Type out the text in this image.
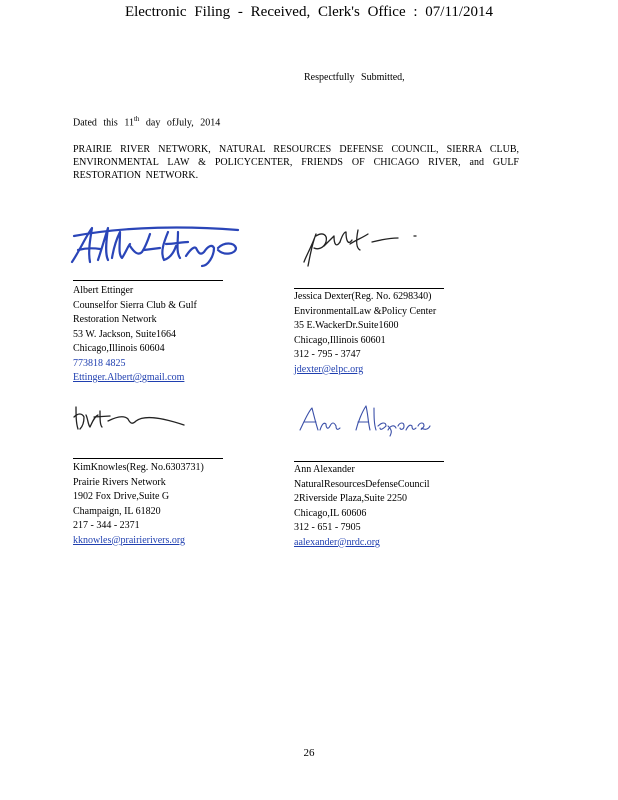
Electronic Filing - Received, Clerk's Office : 07/11/2014
Respectfully Submitted,
Dated this 11th day ofJuly, 2014
PRAIRIE RIVER NETWORK, NATURAL RESOURCES DEFENSE COUNCIL, SIERRA CLUB, ENVIRONMENTAL LAW & POLICYCENTER, FRIENDS OF CHICAGO RIVER, and GULF RESTORATION NETWORK.
Albert Ettinger
Counselfor Sierra Club & Gulf
Restoration Network
53 W. Jackson, Suite1664
Chicago,Illinois 60604
773818 4825
Ettinger.Albert@gmail.com
Jessica Dexter(Reg. No. 6298340)
EnvironmentalLaw &Policy Center
35 E.WackerDr.Suite1600
Chicago,Illinois 60601
312 - 795 - 3747
jdexter@elpc.org
KimKnowles(Reg. No.6303731)
Prairie Rivers Network
1902 Fox Drive,Suite G
Champaign, IL 61820
217 - 344 - 2371
kknowles@prairierivers.org
Ann Alexander
NaturalResourcesDefenseCouncil
2Riverside Plaza,Suite 2250
Chicago,IL 60606
312 - 651 - 7905
aalexander@nrdc.org
26
